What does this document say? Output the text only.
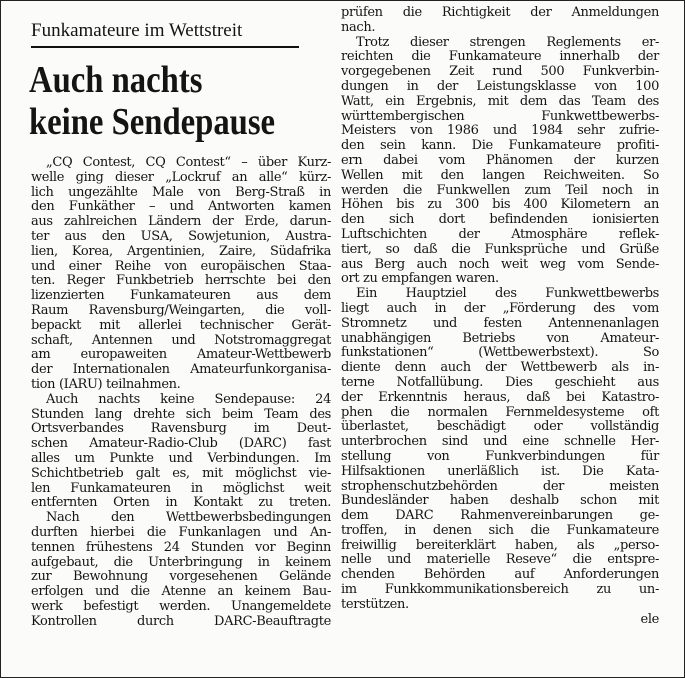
Funkamateure im Wettstreit
Auch nachts
keine Sendepause
„CQ Contest, CQ Contest“ – über Kurz-
welle ging dieser „Lockruf an alle“ kürz-
lich ungezählte Male von Berg-Straß in
den Funkäther – und Antworten kamen
aus zahlreichen Ländern der Erde, darun-
ter aus den USA, Sowjetunion, Austra-
lien, Korea, Argentinien, Zaire, Südafrika
und einer Reihe von europäischen Staa-
ten. Reger Funkbetrieb herrschte bei den
lizenzierten Funkamateuren aus dem
Raum Ravensburg/Weingarten, die voll-
bepackt mit allerlei technischer Gerät-
schaft, Antennen und Notstromaggregat
am europaweiten Amateur-Wettbewerb
der Internationalen Amateurfunkorganisa-
tion (IARU) teilnahmen.
Auch nachts keine Sendepause: 24
Stunden lang drehte sich beim Team des
Ortsverbandes Ravensburg im Deut-
schen Amateur-Radio-Club (DARC) fast
alles um Punkte und Verbindungen. Im
Schichtbetrieb galt es, mit möglichst vie-
len Funkamateuren in möglichst weit
entfernten Orten in Kontakt zu treten.
Nach den Wettbewerbsbedingungen
durften hierbei die Funkanlagen und An-
tennen frühestens 24 Stunden vor Beginn
aufgebaut, die Unterbringung in keinem
zur Bewohnung vorgesehenen Gelände
erfolgen und die Atenne an keinem Bau-
werk befestigt werden. Unangemeldete
Kontrollen durch DARC-Beauftragte
prüfen die Richtigkeit der Anmeldungen
nach.
Trotz dieser strengen Reglements er-
reichten die Funkamateure innerhalb der
vorgegebenen Zeit rund 500 Funkverbin-
dungen in der Leistungsklasse von 100
Watt, ein Ergebnis, mit dem das Team des
württembergischen Funkwettbewerbs-
Meisters von 1986 und 1984 sehr zufrie-
den sein kann. Die Funkamateure profiti-
ern dabei vom Phänomen der kurzen
Wellen mit den langen Reichweiten. So
werden die Funkwellen zum Teil noch in
Höhen bis zu 300 bis 400 Kilometern an
den sich dort befindenden ionisierten
Luftschichten der Atmosphäre reflek-
tiert, so daß die Funksprüche und Grüße
aus Berg auch noch weit weg vom Sende-
ort zu empfangen waren.
Ein Hauptziel des Funkwettbewerbs
liegt auch in der „Förderung des vom
Stromnetz und festen Antennenanlagen
unabhängigen Betriebs von Amateur-
funkstationen“ (Wettbewerbstext). So
diente denn auch der Wettbewerb als in-
terne Notfallübung. Dies geschieht aus
der Erkenntnis heraus, daß bei Katastro-
phen die normalen Fernmeldesysteme oft
überlastet, beschädigt oder vollständig
unterbrochen sind und eine schnelle Her-
stellung von Funkverbindungen für
Hilfsaktionen unerläßlich ist. Die Kata-
strophenschutzbehörden der meisten
Bundesländer haben deshalb schon mit
dem DARC Rahmenvereinbarungen ge-
troffen, in denen sich die Funkamateure
freiwillig bereiterklärt haben, als „perso-
nelle und materielle Reseve“ die entspre-
chenden Behörden auf Anforderungen
im Funkkommunikationsbereich zu un-
terstützen.
ele
